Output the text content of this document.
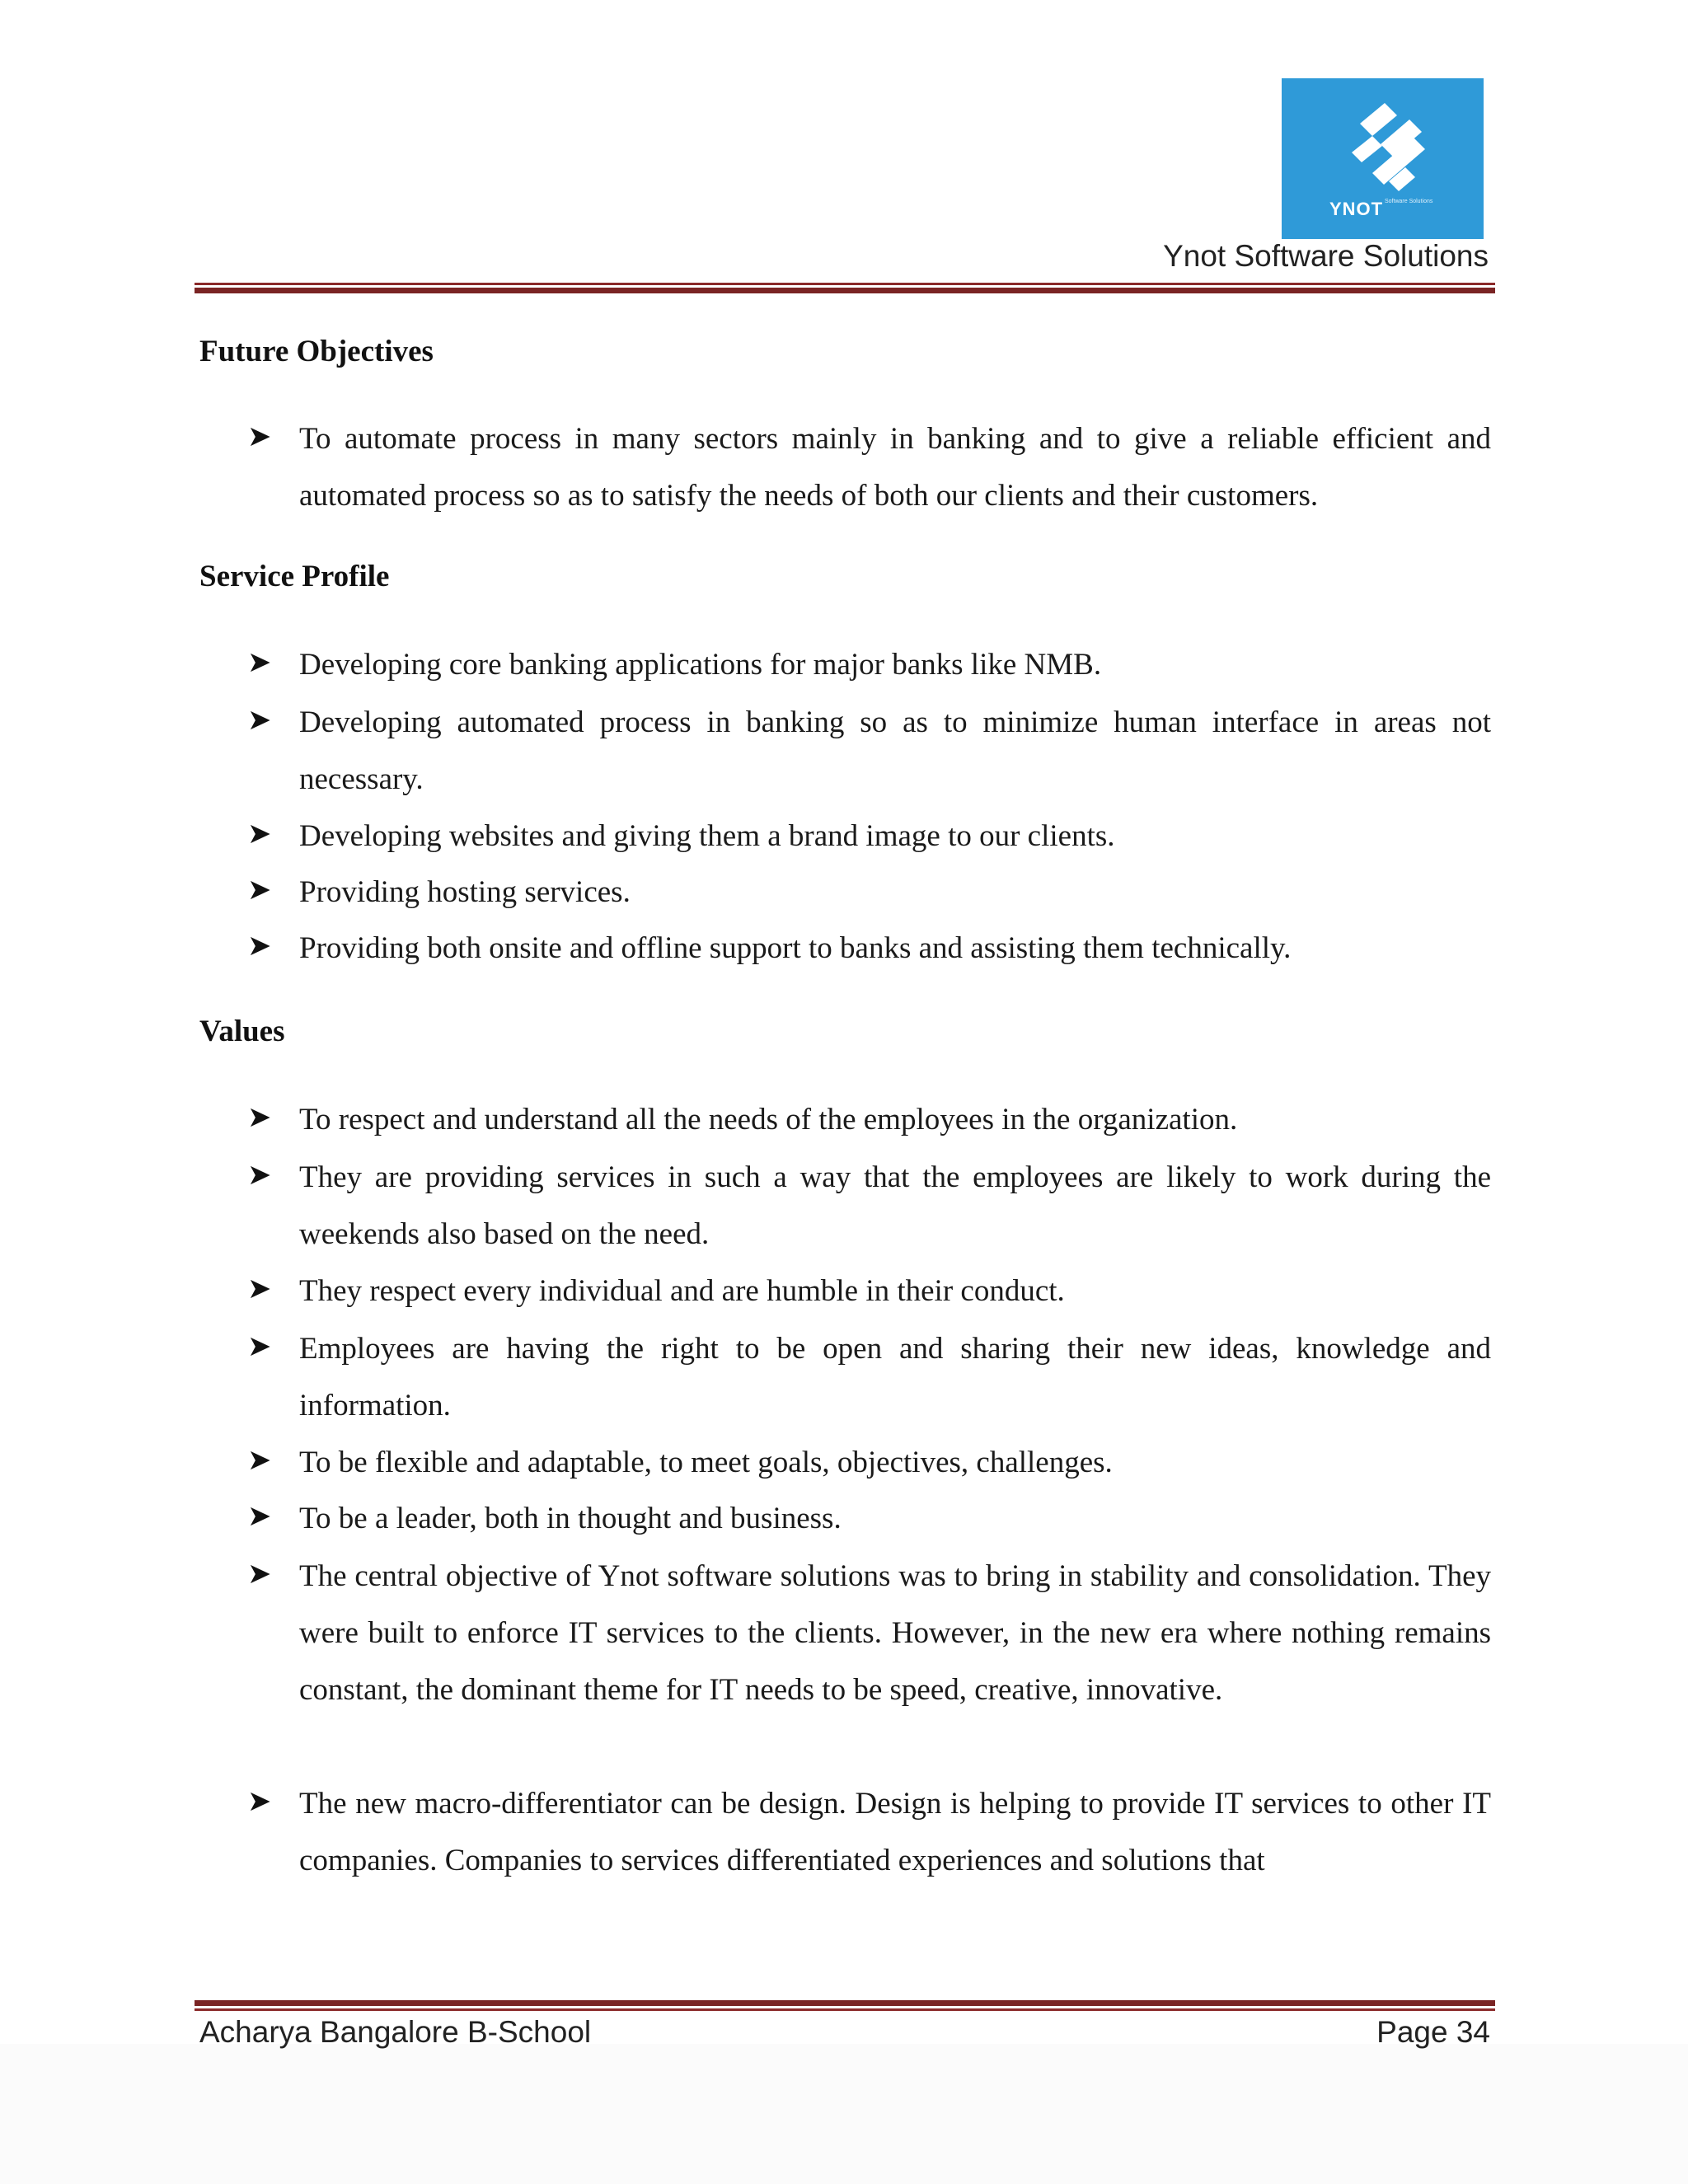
YNOT Software Solutions
Ynot Software Solutions
Future Objectives
➤ To automate process in many sectors mainly in banking and to give a reliable efficient and automated process so as to satisfy the needs of both our clients and their customers.
Service Profile
➤ Developing core banking applications for major banks like NMB.
➤ Developing automated process in banking so as to minimize human interface in areas not necessary.
➤ Developing websites and giving them a brand image to our clients.
➤ Providing hosting services.
➤ Providing both onsite and offline support to banks and assisting them technically.
Values
➤ To respect and understand all the needs of the employees in the organization.
➤ They are providing services in such a way that the employees are likely to work during the weekends also based on the need.
➤ They respect every individual and are humble in their conduct.
➤ Employees are having the right to be open and sharing their new ideas, knowledge and information.
➤ To be flexible and adaptable, to meet goals, objectives, challenges.
➤ To be a leader, both in thought and business.
➤ The central objective of Ynot software solutions was to bring in stability and consolidation. They were built to enforce IT services to the clients. However, in the new era where nothing remains constant, the dominant theme for IT needs to be speed, creative, innovative.
➤ The new macro-differentiator can be design. Design is helping to provide IT services to other IT companies. Companies to services differentiated experiences and solutions that
Acharya Bangalore B-School	Page 34
